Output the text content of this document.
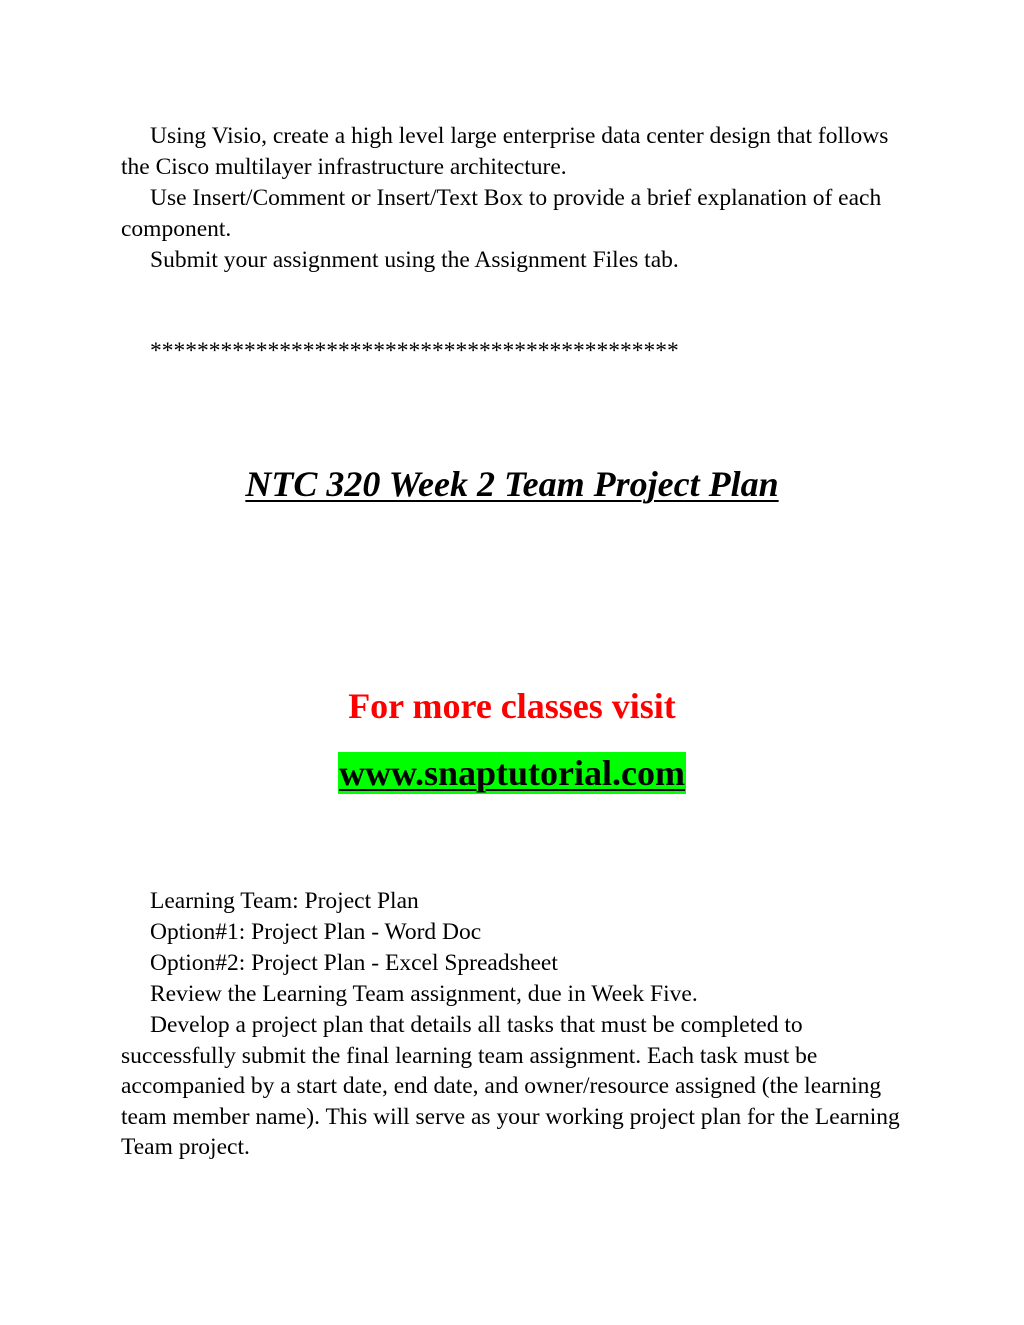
Using Visio, create a high level large enterprise data center design that follows the Cisco multilayer infrastructure architecture.

Use Insert/Comment or Insert/Text Box to provide a brief explanation of each component.

Submit your assignment using the Assignment Files tab.

*********************************************

NTC 320 Week 2 Team Project Plan

For more classes visit

www.snaptutorial.com

Learning Team: Project Plan

Option#1: Project Plan - Word Doc

Option#2: Project Plan - Excel Spreadsheet

Review the Learning Team assignment, due in Week Five.

Develop a project plan that details all tasks that must be completed to successfully submit the final learning team assignment. Each task must be accompanied by a start date, end date, and owner/resource assigned (the learning team member name). This will serve as your working project plan for the Learning Team project.
